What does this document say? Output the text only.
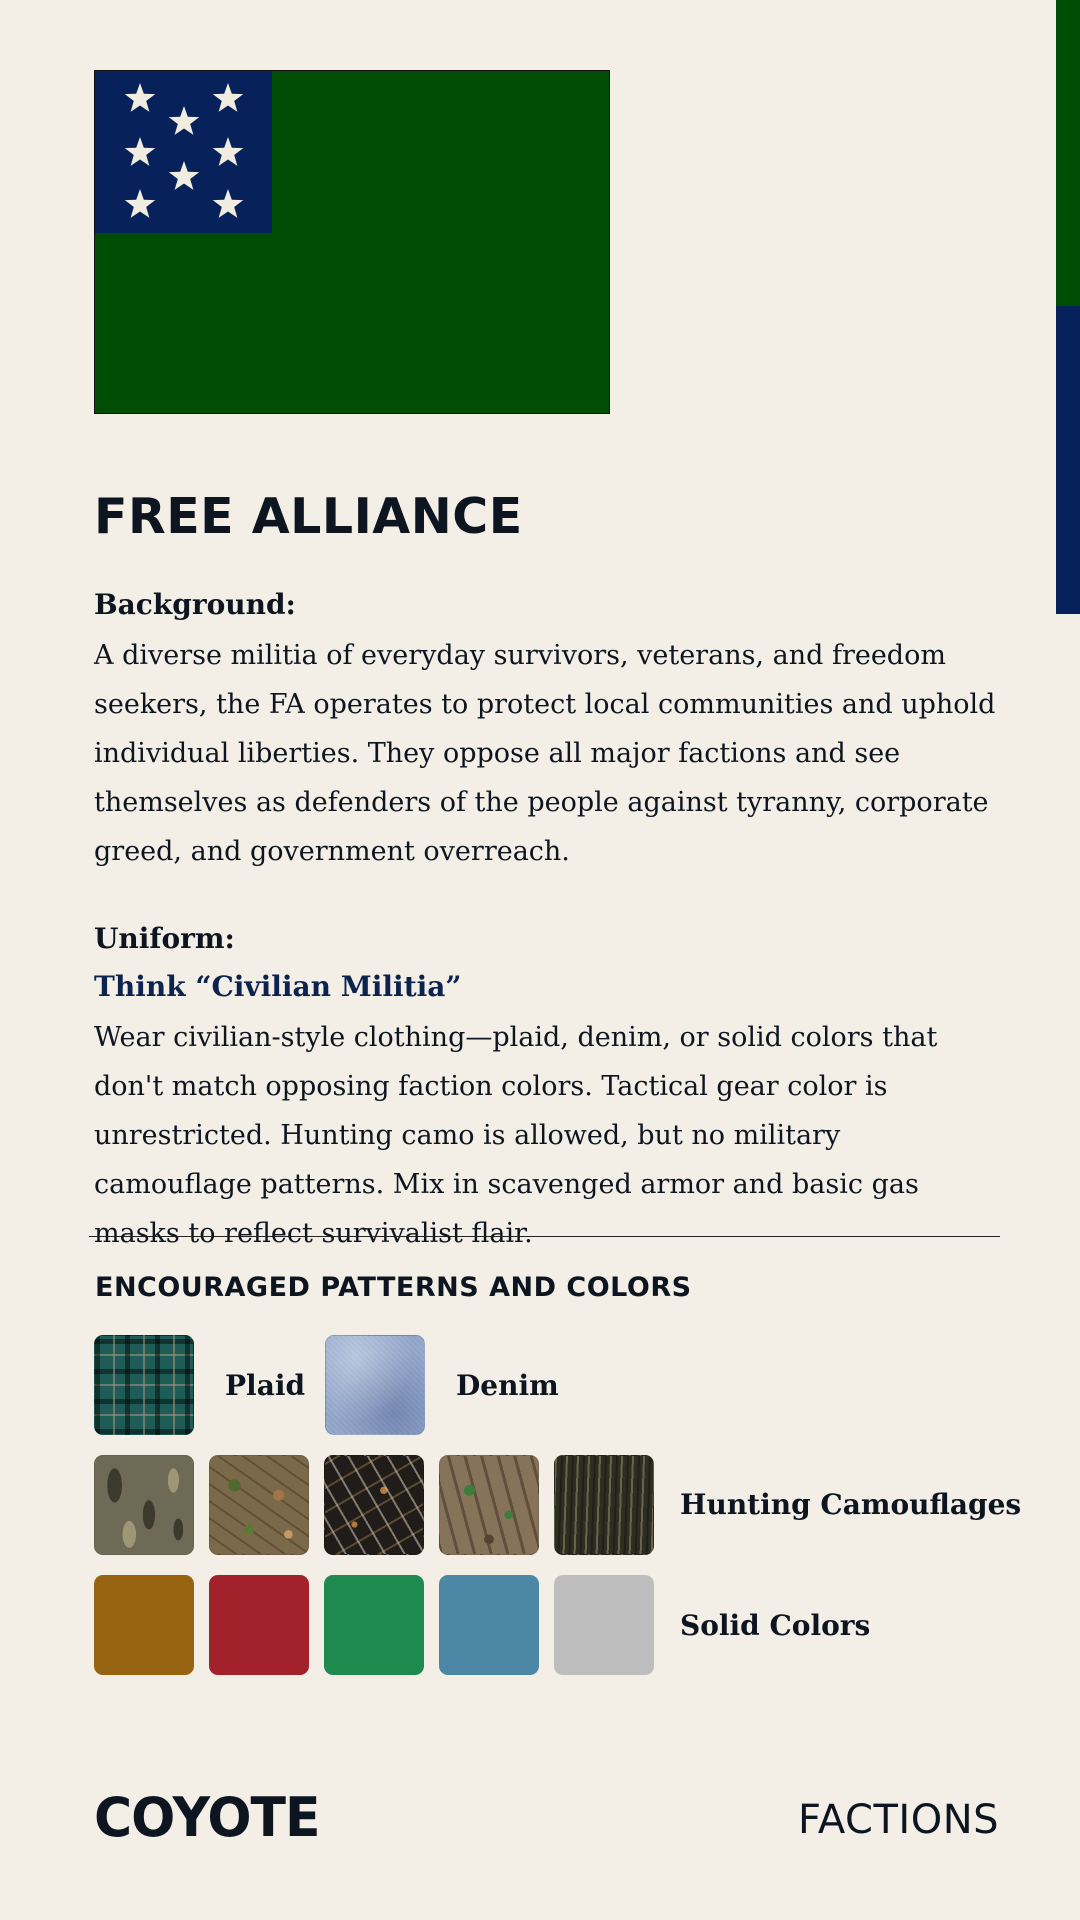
FREE ALLIANCE

Background:

A diverse militia of everyday survivors, veterans, and freedom seekers, the FA operates to protect local communities and uphold individual liberties. They oppose all major factions and see themselves as defenders of the people against tyranny, corporate greed, and government overreach.

Uniform:

Think “Civilian Militia”

Wear civilian-style clothing—plaid, denim, or solid colors that don't match opposing faction colors. Tactical gear color is unrestricted. Hunting camo is allowed, but no military camouflage patterns. Mix in scavenged armor and basic gas masks to reflect survivalist flair.

ENCOURAGED PATTERNS AND COLORS

Plaid	Denim

Hunting Camouflages

Solid Colors

COYOTE	FACTIONS
